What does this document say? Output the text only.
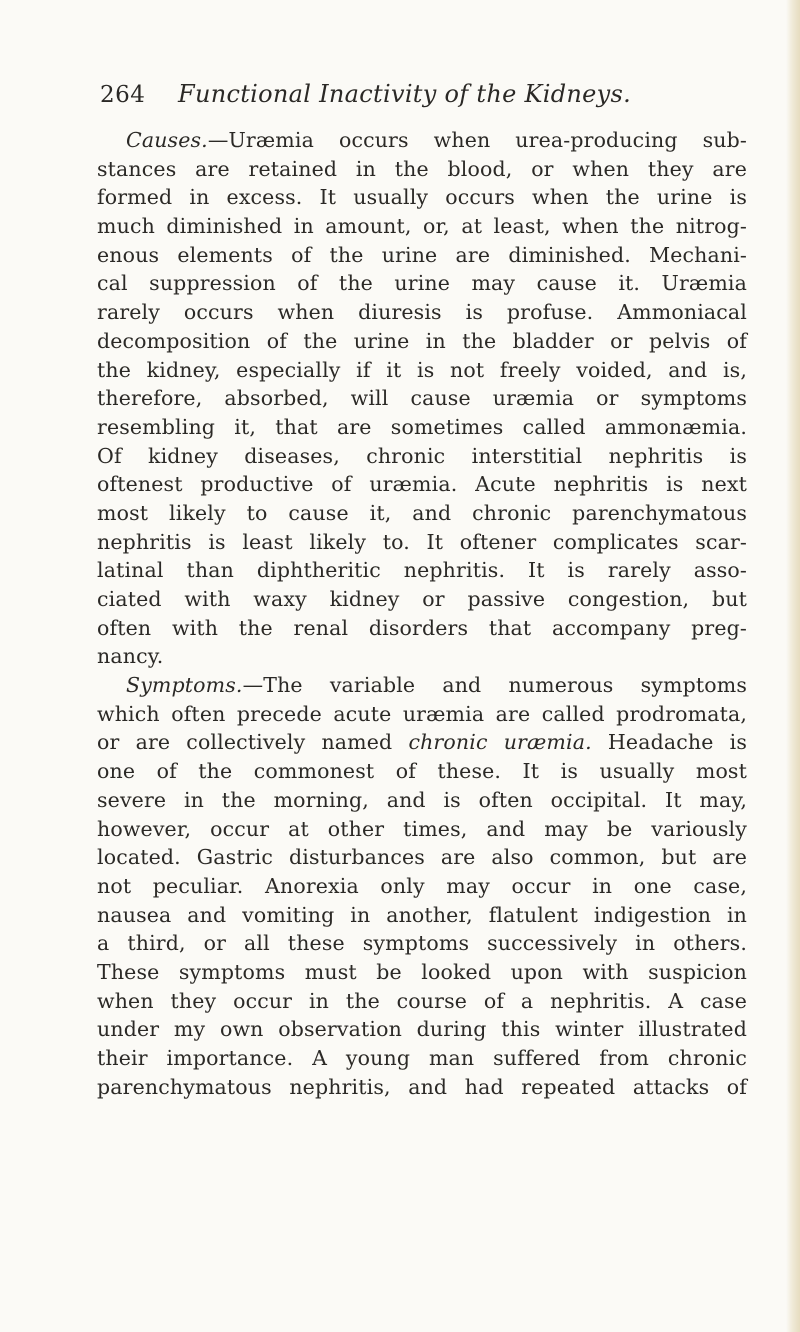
264	Functional Inactivity of the Kidneys.
Causes.—Uræmia occurs when urea-producing sub-
stances are retained in the blood, or when they are
formed in excess. It usually occurs when the urine is
much diminished in amount, or, at least, when the nitrog-
enous elements of the urine are diminished. Mechani-
cal suppression of the urine may cause it. Uræmia
rarely occurs when diuresis is profuse. Ammoniacal
decomposition of the urine in the bladder or pelvis of
the kidney, especially if it is not freely voided, and is,
therefore, absorbed, will cause uræmia or symptoms
resembling it, that are sometimes called ammonæmia.
Of kidney diseases, chronic interstitial nephritis is
oftenest productive of uræmia. Acute nephritis is next
most likely to cause it, and chronic parenchymatous
nephritis is least likely to. It oftener complicates scar-
latinal than diphtheritic nephritis. It is rarely asso-
ciated with waxy kidney or passive congestion, but
often with the renal disorders that accompany preg-
nancy.
Symptoms.—The variable and numerous symptoms
which often precede acute uræmia are called prodromata,
or are collectively named chronic uræmia. Headache is
one of the commonest of these. It is usually most
severe in the morning, and is often occipital. It may,
however, occur at other times, and may be variously
located. Gastric disturbances are also common, but are
not peculiar. Anorexia only may occur in one case,
nausea and vomiting in another, flatulent indigestion in
a third, or all these symptoms successively in others.
These symptoms must be looked upon with suspicion
when they occur in the course of a nephritis. A case
under my own observation during this winter illustrated
their importance. A young man suffered from chronic
parenchymatous nephritis, and had repeated attacks of
